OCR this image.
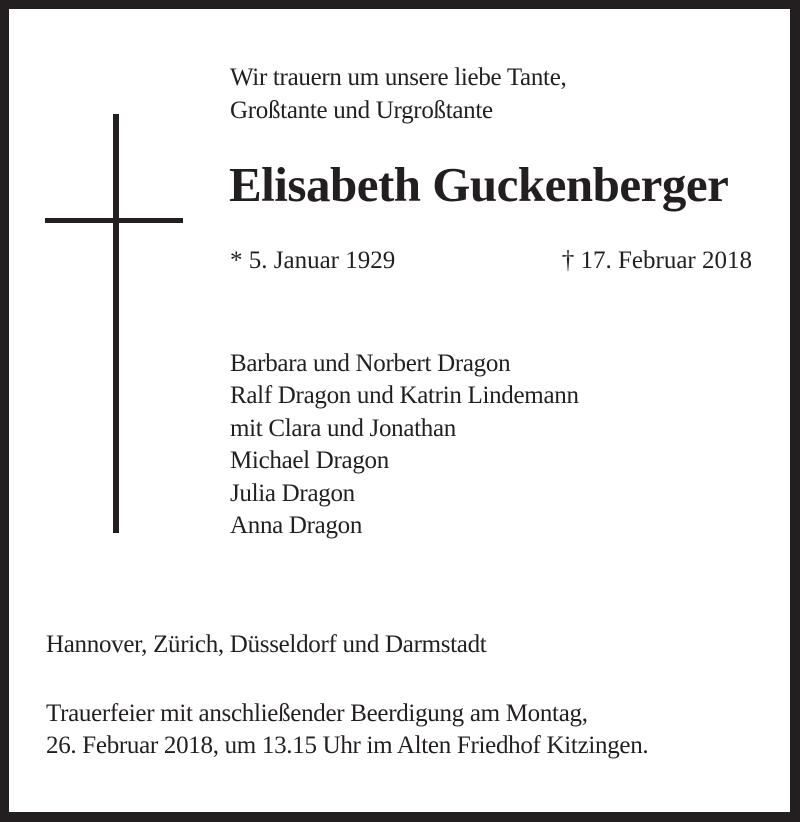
Wir trauern um unsere liebe Tante,
Großtante und Urgroßtante
Elisabeth Guckenberger
* 5. Januar 1929	† 17. Februar 2018
Barbara und Norbert Dragon
Ralf Dragon und Katrin Lindemann
mit Clara und Jonathan
Michael Dragon
Julia Dragon
Anna Dragon
Hannover, Zürich, Düsseldorf und Darmstadt
Trauerfeier mit anschließender Beerdigung am Montag,
26. Februar 2018, um 13.15 Uhr im Alten Friedhof Kitzingen.
